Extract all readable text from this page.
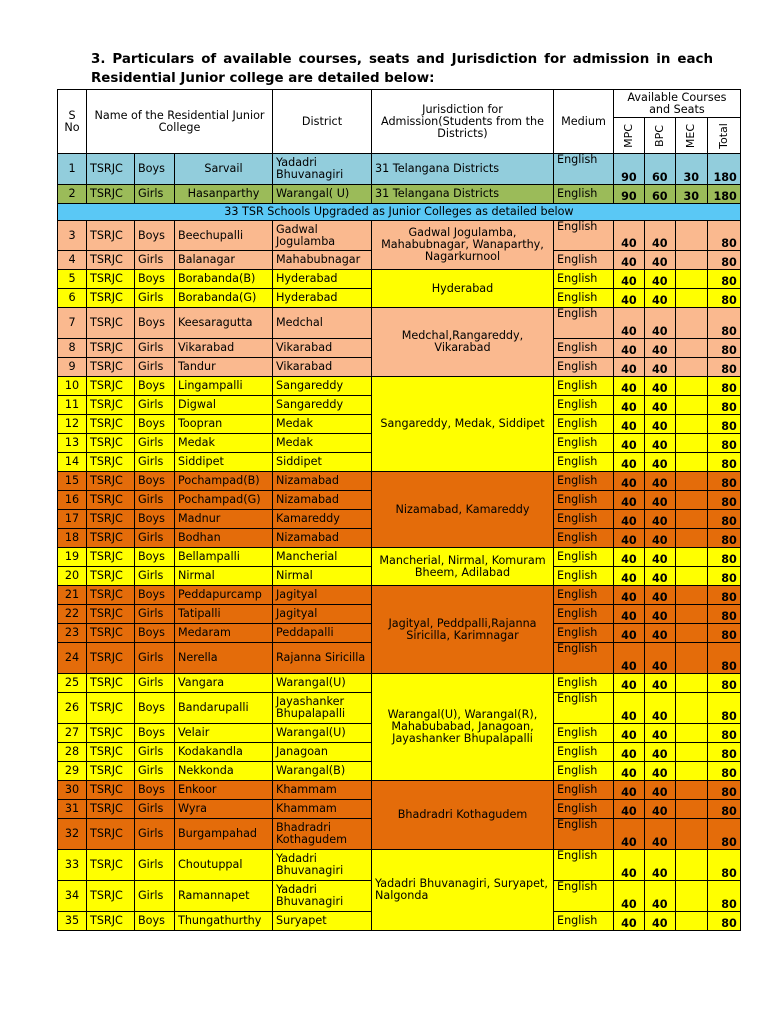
3. Particulars of available courses, seats and Jurisdiction for admission in each Residential Junior college are detailed below:
S No	Name of the Residential Junior College			District	Jurisdiction for Admission(Students from the Districts)	Medium	Available Courses and Seats			
							MPC	BPC	MEC	Total
1	TSRJC	Boys	Sarvail	Yadadri Bhuvanagiri	31 Telangana Districts	English	90	60	30	180
2	TSRJC	Girls	Hasanparthy	Warangal( U)	31 Telangana Districts	English	90	60	30	180
33 TSR Schools Upgraded as Junior Colleges as detailed below										
3	TSRJC	Boys	Beechupalli	Gadwal Jogulamba	Gadwal Jogulamba, Mahabubnagar, Wanaparthy, Nagarkurnool	English	40	40		80
4	TSRJC	Girls	Balanagar	Mahabubnagar		English	40	40		80
5	TSRJC	Boys	Borabanda(B)	Hyderabad	Hyderabad	English	40	40		80
6	TSRJC	Girls	Borabanda(G)	Hyderabad		English	40	40		80
7	TSRJC	Boys	Keesaragutta	Medchal	Medchal,Rangareddy, Vikarabad	English	40	40		80
8	TSRJC	Girls	Vikarabad	Vikarabad		English	40	40		80
9	TSRJC	Girls	Tandur	Vikarabad		English	40	40		80
10	TSRJC	Boys	Lingampalli	Sangareddy	Sangareddy, Medak, Siddipet	English	40	40		80
11	TSRJC	Girls	Digwal	Sangareddy		English	40	40		80
12	TSRJC	Boys	Toopran	Medak		English	40	40		80
13	TSRJC	Girls	Medak	Medak		English	40	40		80
14	TSRJC	Girls	Siddipet	Siddipet		English	40	40		80
15	TSRJC	Boys	Pochampad(B)	Nizamabad	Nizamabad, Kamareddy	English	40	40		80
16	TSRJC	Girls	Pochampad(G)	Nizamabad		English	40	40		80
17	TSRJC	Boys	Madnur	Kamareddy		English	40	40		80
18	TSRJC	Girls	Bodhan	Nizamabad		English	40	40		80
19	TSRJC	Boys	Bellampalli	Mancherial	Mancherial, Nirmal, Komuram Bheem, Adilabad	English	40	40		80
20	TSRJC	Girls	Nirmal	Nirmal		English	40	40		80
21	TSRJC	Boys	Peddapurcamp	Jagityal	Jagityal, Peddpalli,Rajanna Siricilla, Karimnagar	English	40	40		80
22	TSRJC	Girls	Tatipalli	Jagityal		English	40	40		80
23	TSRJC	Boys	Medaram	Peddapalli		English	40	40		80
24	TSRJC	Girls	Nerella	Rajanna Siricilla		English	40	40		80
25	TSRJC	Girls	Vangara	Warangal(U)	Warangal(U), Warangal(R), Mahabubabad, Janagoan, Jayashanker Bhupalapalli	English	40	40		80
26	TSRJC	Boys	Bandarupalli	Jayashanker Bhupalapalli		English	40	40		80
27	TSRJC	Boys	Velair	Warangal(U)		English	40	40		80
28	TSRJC	Girls	Kodakandla	Janagoan		English	40	40		80
29	TSRJC	Girls	Nekkonda	Warangal(B)		English	40	40		80
30	TSRJC	Boys	Enkoor	Khammam	Bhadradri Kothagudem	English	40	40		80
31	TSRJC	Girls	Wyra	Khammam		English	40	40		80
32	TSRJC	Girls	Burgampahad	Bhadradri Kothagudem		English	40	40		80
33	TSRJC	Girls	Choutuppal	Yadadri Bhuvanagiri	Yadadri Bhuvanagiri, Suryapet, Nalgonda	English	40	40		80
34	TSRJC	Girls	Ramannapet	Yadadri Bhuvanagiri		English	40	40		80
35	TSRJC	Boys	Thungathurthy	Suryapet		English	40	40		80
